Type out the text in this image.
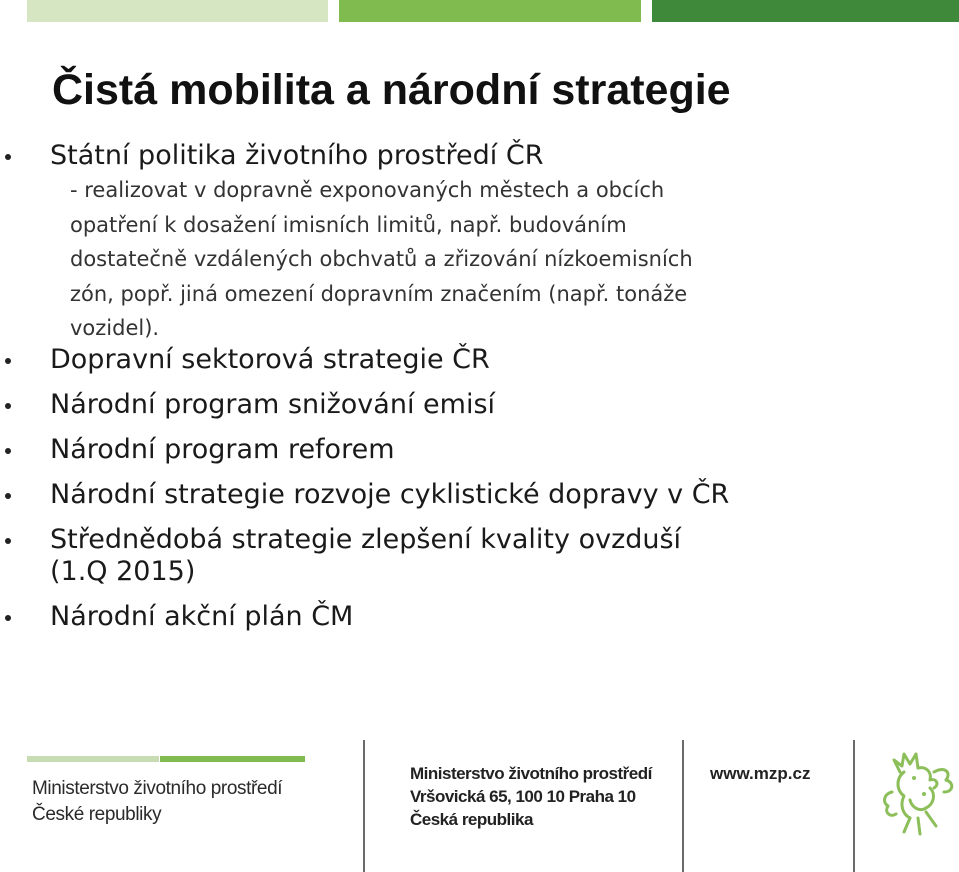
Čistá mobilita a národní strategie
Státní politika životního prostředí ČR
- realizovat v dopravně exponovaných městech a obcích
opatření k dosažení imisních limitů, např. budováním
dostatečně vzdálených obchvatů a zřizování nízkoemisních
zón, popř. jiná omezení dopravním značením (např. tonáže
vozidel).
Dopravní sektorová strategie ČR
Národní program snižování emisí
Národní program reforem
Národní strategie rozvoje cyklistické dopravy v ČR
Střednědobá strategie zlepšení kvality ovzduší
(1.Q 2015)
Národní akční plán ČM
Ministerstvo životního prostředí
České republiky
Ministerstvo životního prostředí
Vršovická 65, 100 10 Praha 10
Česká republika
www.mzp.cz
